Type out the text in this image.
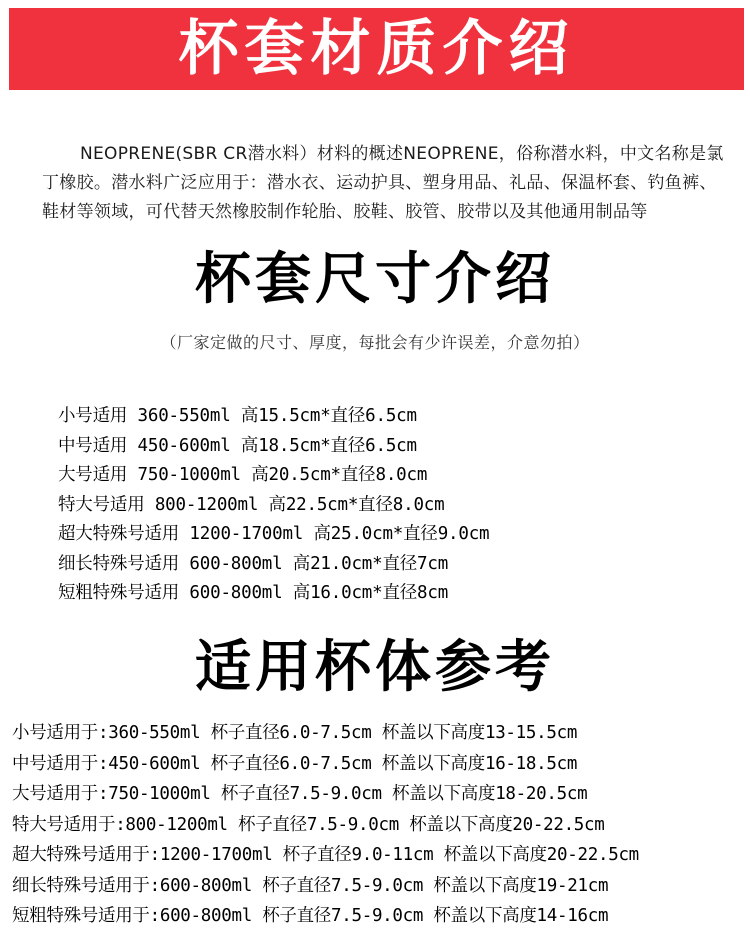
杯套材质介绍

NEOPRENE(SBR CR潜水料）材料的概述NEOPRENE，俗称潜水料，中文名称是氯丁橡胶。潜水料广泛应用于：潜水衣、运动护具、塑身用品、礼品、保温杯套、钓鱼裤、鞋材等领域，可代替天然橡胶制作轮胎、胶鞋、胶管、胶带以及其他通用制品等

杯套尺寸介绍
（厂家定做的尺寸、厚度，每批会有少许误差，介意勿拍）
小号适用 360-550ml 高15.5cm*直径6.5cm
中号适用 450-600ml 高18.5cm*直径6.5cm
大号适用 750-1000ml 高20.5cm*直径8.0cm
特大号适用 800-1200ml 高22.5cm*直径8.0cm
超大特殊号适用 1200-1700ml 高25.0cm*直径9.0cm
细长特殊号适用 600-800ml 高21.0cm*直径7cm
短粗特殊号适用 600-800ml 高16.0cm*直径8cm
适用杯体参考
小号适用于:360-550ml 杯子直径6.0-7.5cm 杯盖以下高度13-15.5cm
中号适用于:450-600ml 杯子直径6.0-7.5cm 杯盖以下高度16-18.5cm
大号适用于:750-1000ml 杯子直径7.5-9.0cm 杯盖以下高度18-20.5cm
特大号适用于:800-1200ml 杯子直径7.5-9.0cm 杯盖以下高度20-22.5cm
超大特殊号适用于:1200-1700ml 杯子直径9.0-11cm 杯盖以下高度20-22.5cm
细长特殊号适用于:600-800ml 杯子直径7.5-9.0cm 杯盖以下高度19-21cm
短粗特殊号适用于:600-800ml 杯子直径7.5-9.0cm 杯盖以下高度14-16cm
